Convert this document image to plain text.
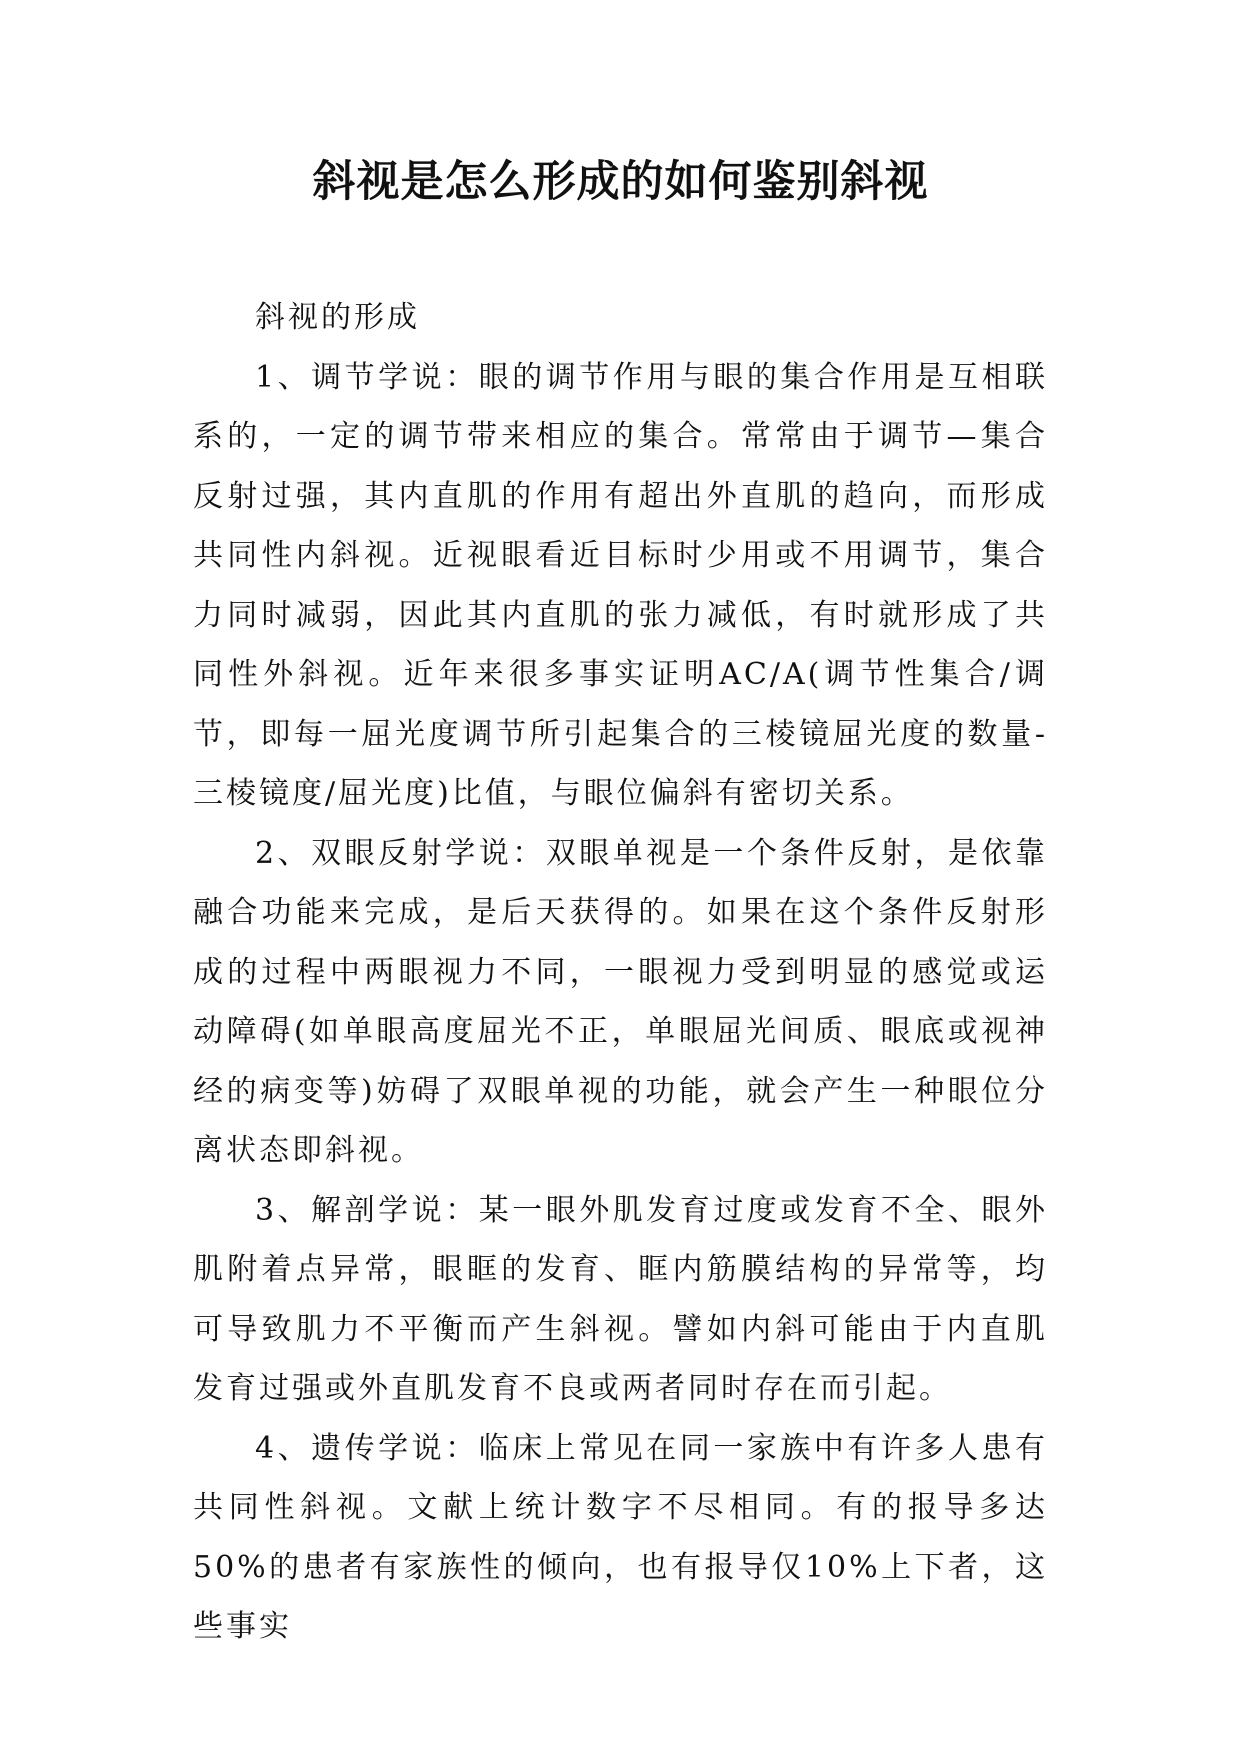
斜视是怎么形成的如何鉴别斜视

斜视的形成

1、调节学说：眼的调节作用与眼的集合作用是互相联系的，一定的调节带来相应的集合。常常由于调节—集合反射过强，其内直肌的作用有超出外直肌的趋向，而形成共同性内斜视。近视眼看近目标时少用或不用调节，集合力同时减弱，因此其内直肌的张力减低，有时就形成了共同性外斜视。近年来很多事实证明AC/A(调节性集合/调节，即每一屈光度调节所引起集合的三棱镜屈光度的数量-三棱镜度/屈光度)比值，与眼位偏斜有密切关系。

2、双眼反射学说：双眼单视是一个条件反射，是依靠融合功能来完成，是后天获得的。如果在这个条件反射形成的过程中两眼视力不同，一眼视力受到明显的感觉或运动障碍(如单眼高度屈光不正，单眼屈光间质、眼底或视神经的病变等)妨碍了双眼单视的功能，就会产生一种眼位分离状态即斜视。

3、解剖学说：某一眼外肌发育过度或发育不全、眼外肌附着点异常，眼眶的发育、眶内筋膜结构的异常等，均可导致肌力不平衡而产生斜视。譬如内斜可能由于内直肌发育过强或外直肌发育不良或两者同时存在而引起。

4、遗传学说：临床上常见在同一家族中有许多人患有共同性斜视。文献上统计数字不尽相同。有的报导多达50%的患者有家族性的倾向，也有报导仅10%上下者，这些事实
